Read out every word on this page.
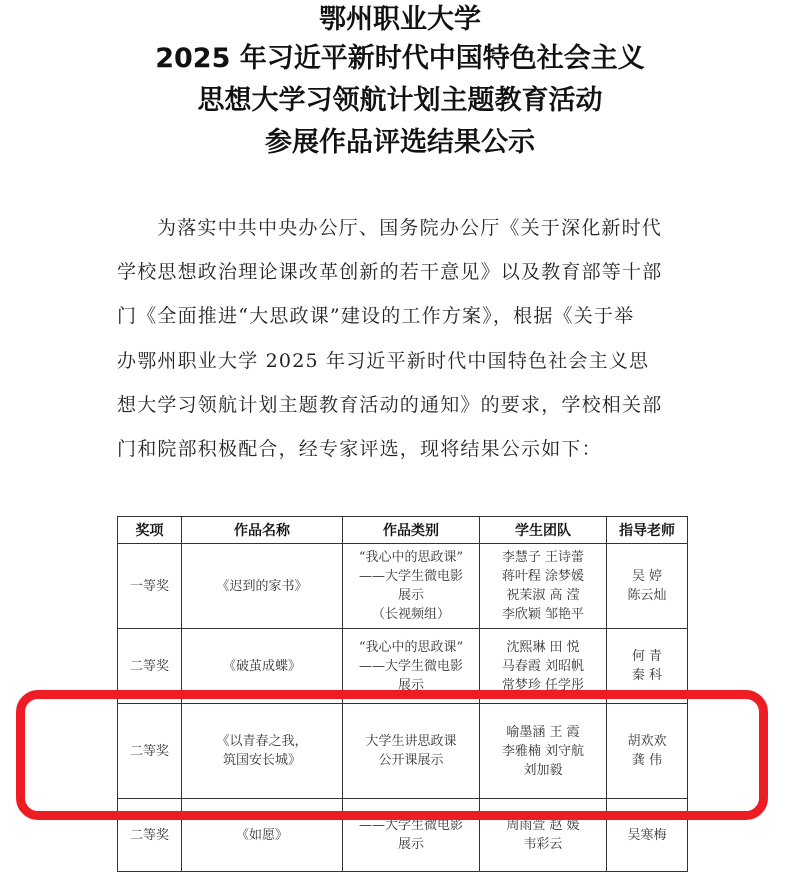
鄂州职业大学
2025 年习近平新时代中国特色社会主义
思想大学习领航计划主题教育活动
参展作品评选结果公示
为落实中共中央办公厅、国务院办公厅《关于深化新时代
学校思想政治理论课改革创新的若干意见》以及教育部等十部
门《全面推进“大思政课”建设的工作方案》，根据《关于举
办鄂州职业大学 2025 年习近平新时代中国特色社会主义思
想大学习领航计划主题教育活动的通知》的要求，学校相关部
门和院部积极配合，经专家评选，现将结果公示如下：
奖项	作品名称	作品类别	学生团队	指导老师
一等奖	《迟到的家书》	“我心中的思政课”
——大学生微电影
展示
（长视频组）	李慧子 王诗蕾
蒋叶程 涂梦媛
祝茉淑 高 滢
李欣颖 邹艳平	吴 婷
陈云灿

二等奖	《破茧成蝶》	“我心中的思政课”
——大学生微电影
展示	沈熙琳 田 悦
马春霞 刘昭帆
常梦珍 任学彤	何 青
秦 科

二等奖	《以青春之我，
筑国安长城》	大学生讲思政课
公开课展示	喻墨涵 王 霞
李雅楠 刘守航
刘加毅	胡欢欢
龚 伟

二等奖	《如愿》	——大学生微电影
展示	周雨萱 赵 媛
韦彩云	吴寒梅
